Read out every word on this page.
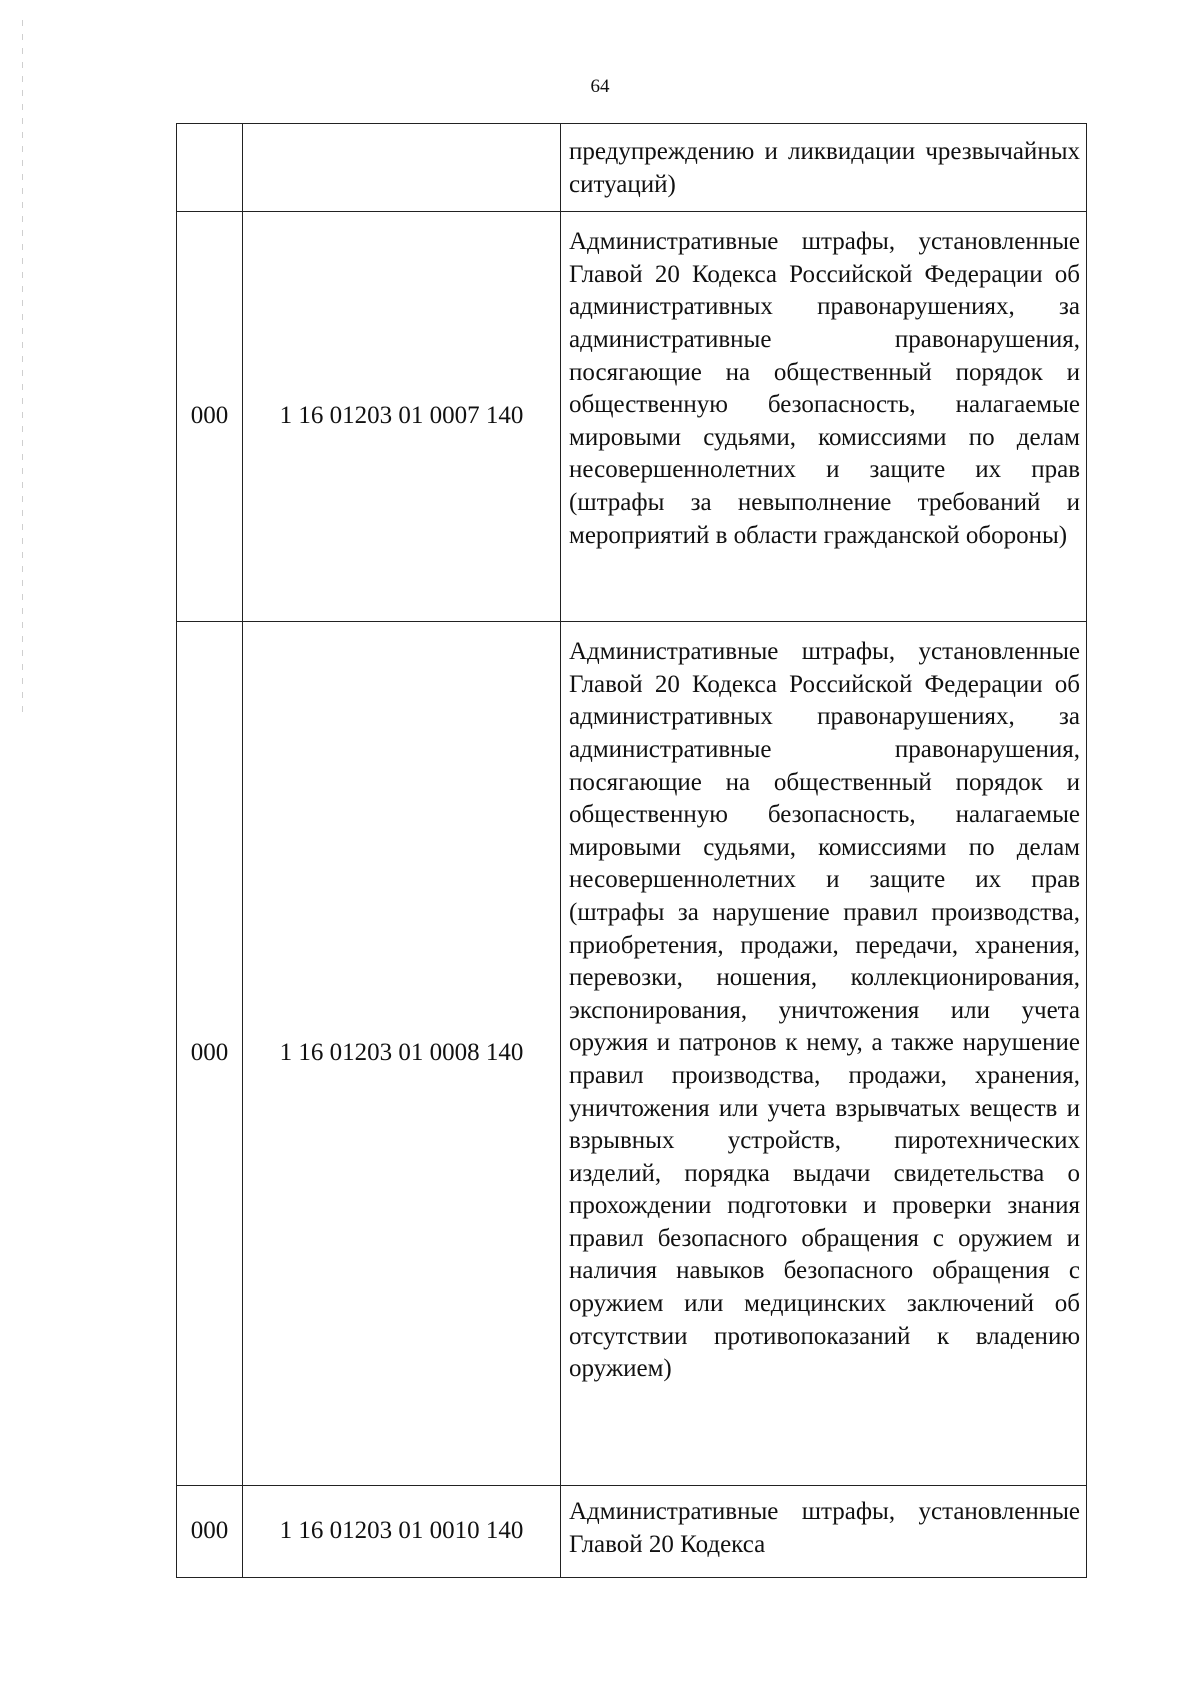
64
		предупреждению и ликвидации чрезвычайных ситуаций)
000	1 16 01203 01 0007 140	Административные штрафы, установленные Главой 20 Кодекса Российской Федерации об административных правонарушениях, за административные правонарушения, посягающие на общественный порядок и общественную безопасность, налагаемые мировыми судьями, комиссиями по делам несовершеннолетних и защите их прав (штрафы за невыполнение требований и мероприятий в области гражданской обороны)
000	1 16 01203 01 0008 140	Административные штрафы, установленные Главой 20 Кодекса Российской Федерации об административных правонарушениях, за административные правонарушения, посягающие на общественный порядок и общественную безопасность, налагаемые мировыми судьями, комиссиями по делам несовершеннолетних и защите их прав (штрафы за нарушение правил производства, приобретения, продажи, передачи, хранения, перевозки, ношения, коллекционирования, экспонирования, уничтожения или учета оружия и патронов к нему, а также нарушение правил производства, продажи, хранения, уничтожения или учета взрывчатых веществ и взрывных устройств, пиротехнических изделий, порядка выдачи свидетельства о прохождении подготовки и проверки знания правил безопасного обращения с оружием и наличия навыков безопасного обращения с оружием или медицинских заключений об отсутствии противопоказаний к владению оружием)
000	1 16 01203 01 0010 140	Административные штрафы, установленные Главой 20 Кодекса
